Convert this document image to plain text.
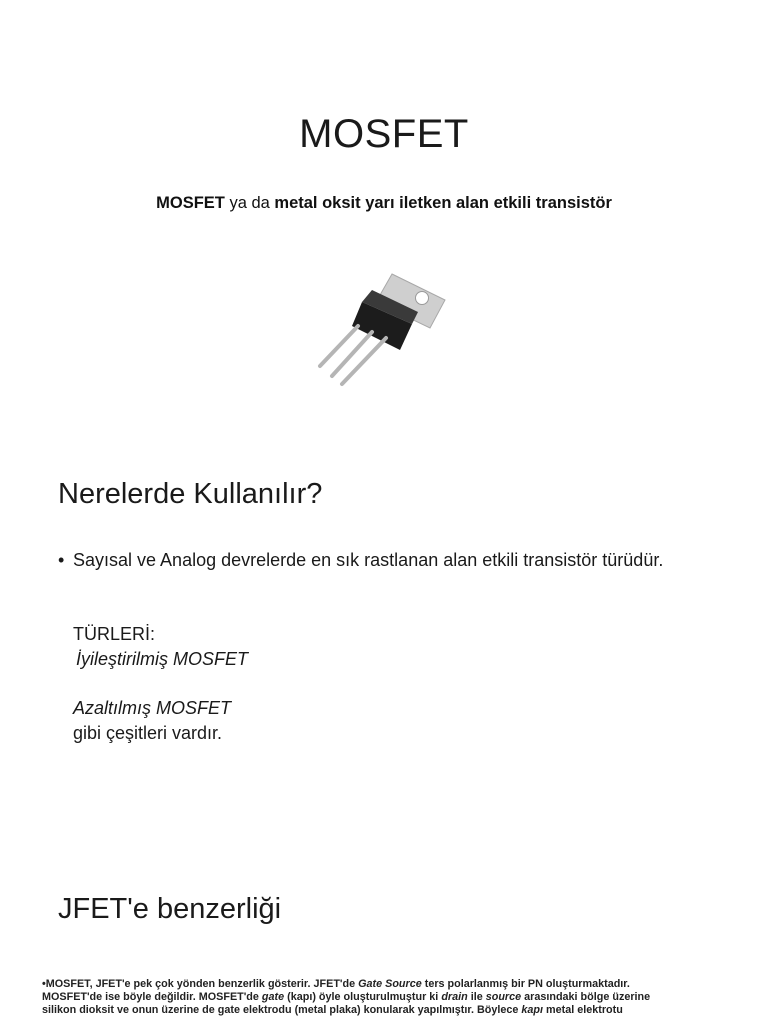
MOSFET
MOSFET ya da metal oksit yarı iletken alan etkili transistör
Nerelerde Kullanılır?
• Sayısal ve Analog devrelerde en sık rastlanan alan etkili transistör türüdür.
TÜRLERİ:
İyileştirilmiş MOSFET
Azaltılmış MOSFET
gibi çeşitleri vardır.
JFET'e benzerliği
•MOSFET, JFET'e pek çok yönden benzerlik gösterir. JFET'de Gate Source ters polarlanmış bir PN oluşturmaktadır.
MOSFET'de ise böyle değildir. MOSFET'de gate (kapı) öyle oluşturulmuştur ki drain ile source arasındaki bölge üzerine
silikon dioksit ve onun üzerine de gate elektrodu (metal plaka) konularak yapılmıştır. Böylece kapı metal elektrotu
